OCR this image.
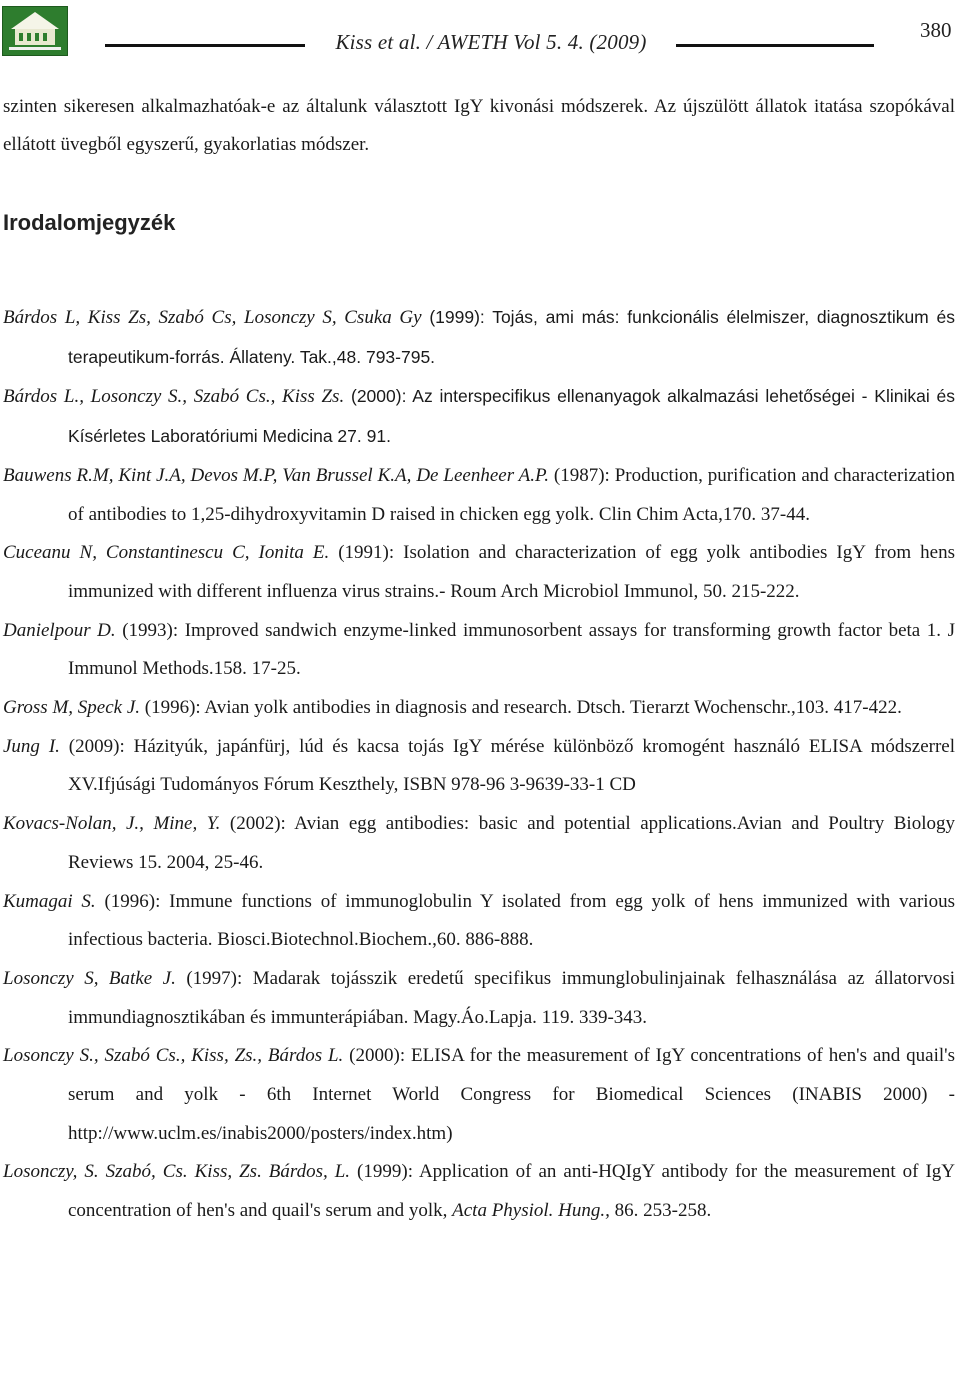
Kiss et al. / AWETH Vol 5. 4. (2009)	380

szinten sikeresen alkalmazhatóak-e az általunk választott IgY kivonási módszerek. Az újszülött állatok itatása szopókával ellátott üvegből egyszerű, gyakorlatias módszer.

Irodalomjegyzék

Bárdos L, Kiss Zs, Szabó Cs, Losonczy S, Csuka Gy (1999): Tojás, ami más: funkcionális élelmiszer, diagnosztikum és terapeutikum-forrás. Állateny. Tak.,48. 793-795.

Bárdos L., Losonczy S., Szabó Cs., Kiss Zs. (2000): Az interspecifikus ellenanyagok alkalmazási lehetőségei - Klinikai és Kísérletes Laboratóriumi Medicina 27. 91.

Bauwens R.M, Kint J.A, Devos M.P, Van Brussel K.A, De Leenheer A.P. (1987): Production, purification and characterization of antibodies to 1,25-dihydroxyvitamin D raised in chicken egg yolk. Clin Chim Acta,170. 37-44.

Cuceanu N, Constantinescu C, Ionita E. (1991): Isolation and characterization of egg yolk antibodies IgY from hens immunized with different influenza virus strains.- Roum Arch Microbiol Immunol, 50. 215-222.

Danielpour D. (1993): Improved sandwich enzyme-linked immunosorbent assays for transforming growth factor beta 1. J Immunol Methods.158. 17-25.

Gross M, Speck J. (1996): Avian yolk antibodies in diagnosis and research. Dtsch. Tierarzt Wochenschr.,103. 417-422.

Jung I. (2009): Házityúk, japánfürj, lúd és kacsa tojás IgY mérése különböző kromogént használó ELISA módszerrel XV.Ifjúsági Tudományos Fórum Keszthely, ISBN 978-96 3-9639-33-1 CD

Kovacs-Nolan, J., Mine, Y. (2002): Avian egg antibodies: basic and potential applications.Avian and Poultry Biology Reviews 15. 2004, 25-46.

Kumagai S. (1996): Immune functions of immunoglobulin Y isolated from egg yolk of hens immunized with various infectious bacteria. Biosci.Biotechnol.Biochem.,60. 886-888.

Losonczy S, Batke J. (1997): Madarak tojásszik eredetű specifikus immunglobulinjainak felhasználása az állatorvosi immundiagnosztikában és immunterápiában. Magy.Áo.Lapja. 119. 339-343.

Losonczy S., Szabó Cs., Kiss, Zs., Bárdos L. (2000): ELISA for the measurement of IgY concentrations of hen's and quail's serum and yolk - 6th Internet World Congress for Biomedical Sciences (INABIS 2000) - http://www.uclm.es/inabis2000/posters/index.htm)

Losonczy, S. Szabó, Cs. Kiss, Zs. Bárdos, L. (1999): Application of an anti-HQIgY antibody for the measurement of IgY concentration of hen's and quail's serum and yolk, Acta Physiol. Hung., 86. 253-258.
